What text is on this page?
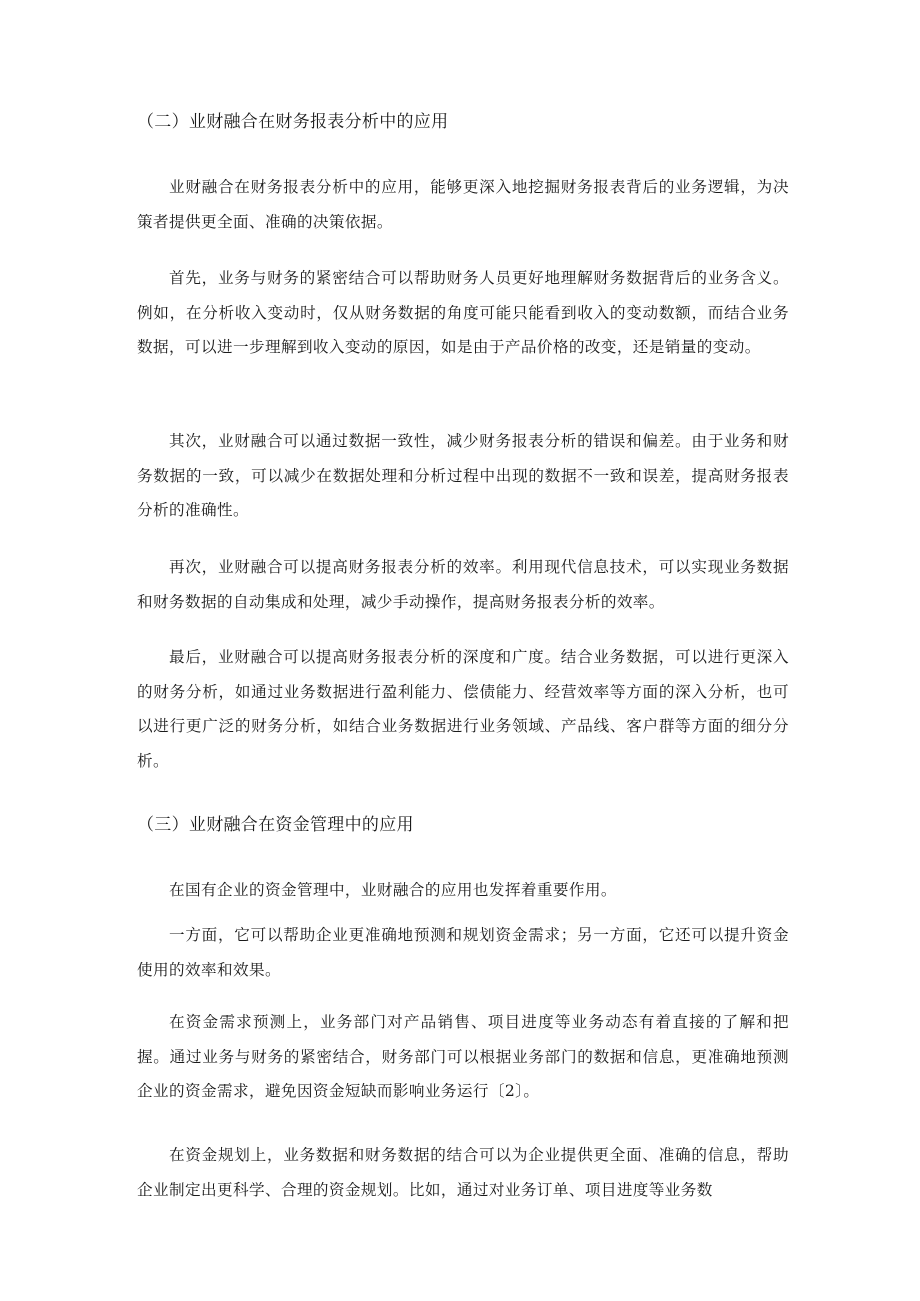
（二）业财融合在财务报表分析中的应用

业财融合在财务报表分析中的应用，能够更深入地挖掘财务报表背后的业务逻辑，为决策者提供更全面、准确的决策依据。

首先，业务与财务的紧密结合可以帮助财务人员更好地理解财务数据背后的业务含义。例如，在分析收入变动时，仅从财务数据的角度可能只能看到收入的变动数额，而结合业务数据，可以进一步理解到收入变动的原因，如是由于产品价格的改变，还是销量的变动。

其次，业财融合可以通过数据一致性，减少财务报表分析的错误和偏差。由于业务和财务数据的一致，可以减少在数据处理和分析过程中出现的数据不一致和误差，提高财务报表分析的准确性。

再次，业财融合可以提高财务报表分析的效率。利用现代信息技术，可以实现业务数据和财务数据的自动集成和处理，减少手动操作，提高财务报表分析的效率。

最后，业财融合可以提高财务报表分析的深度和广度。结合业务数据，可以进行更深入的财务分析，如通过业务数据进行盈利能力、偿债能力、经营效率等方面的深入分析，也可以进行更广泛的财务分析，如结合业务数据进行业务领域、产品线、客户群等方面的细分分析。

（三）业财融合在资金管理中的应用

在国有企业的资金管理中，业财融合的应用也发挥着重要作用。

一方面，它可以帮助企业更准确地预测和规划资金需求；另一方面，它还可以提升资金使用的效率和效果。

在资金需求预测上，业务部门对产品销售、项目进度等业务动态有着直接的了解和把握。通过业务与财务的紧密结合，财务部门可以根据业务部门的数据和信息，更准确地预测企业的资金需求，避免因资金短缺而影响业务运行〔2〕。

在资金规划上，业务数据和财务数据的结合可以为企业提供更全面、准确的信息，帮助企业制定出更科学、合理的资金规划。比如，通过对业务订单、项目进度等业务数
